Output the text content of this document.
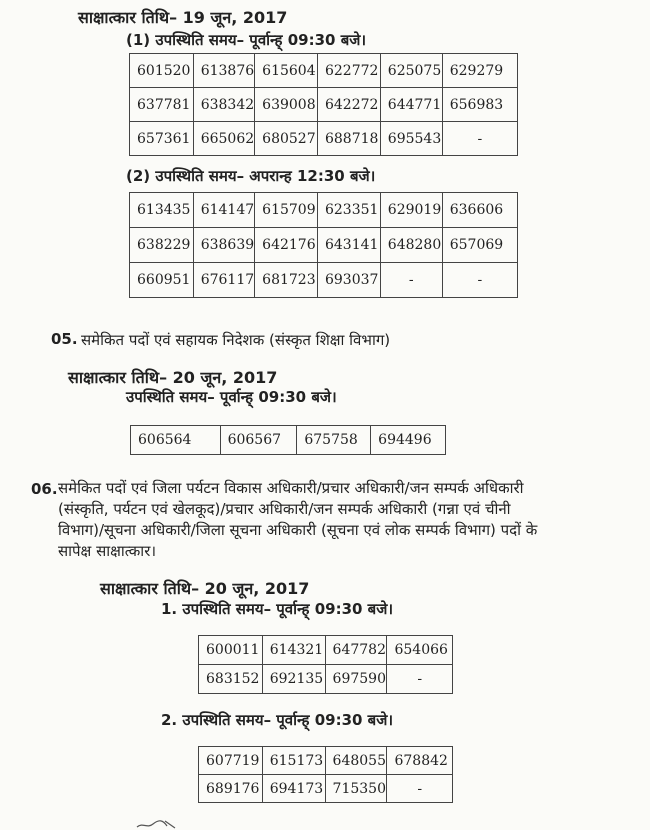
साक्षात्कार तिथि– 19 जून, 2017
(1) उपस्थिति समय– पूर्वान्ह् 09:30 बजे।
601520	613876	615604	622772	625075	629279
637781	638342	639008	642272	644771	656983
657361	665062	680527	688718	695543	-
(2) उपस्थिति समय– अपरान्ह 12:30 बजे।
613435	614147	615709	623351	629019	636606
638229	638639	642176	643141	648280	657069
660951	676117	681723	693037	-	-
05. समेकित पदों एवं सहायक निदेशक (संस्कृत शिक्षा विभाग)
साक्षात्कार तिथि– 20 जून, 2017
उपस्थिति समय– पूर्वान्ह् 09:30 बजे।
606564	606567	675758	694496
06. समेकित पदों एवं जिला पर्यटन विकास अधिकारी/प्रचार अधिकारी/जन सम्पर्क अधिकारी
(संस्कृति, पर्यटन एवं खेलकूद)/प्रचार अधिकारी/जन सम्पर्क अधिकारी (गन्ना एवं चीनी
विभाग)/सूचना अधिकारी/जिला सूचना अधिकारी (सूचना एवं लोक सम्पर्क विभाग) पदों के
सापेक्ष साक्षात्कार।
साक्षात्कार तिथि– 20 जून, 2017
1. उपस्थिति समय– पूर्वान्ह् 09:30 बजे।
600011	614321	647782	654066
683152	692135	697590	-
2. उपस्थिति समय– पूर्वान्ह् 09:30 बजे।
607719	615173	648055	678842
689176	694173	715350	-
